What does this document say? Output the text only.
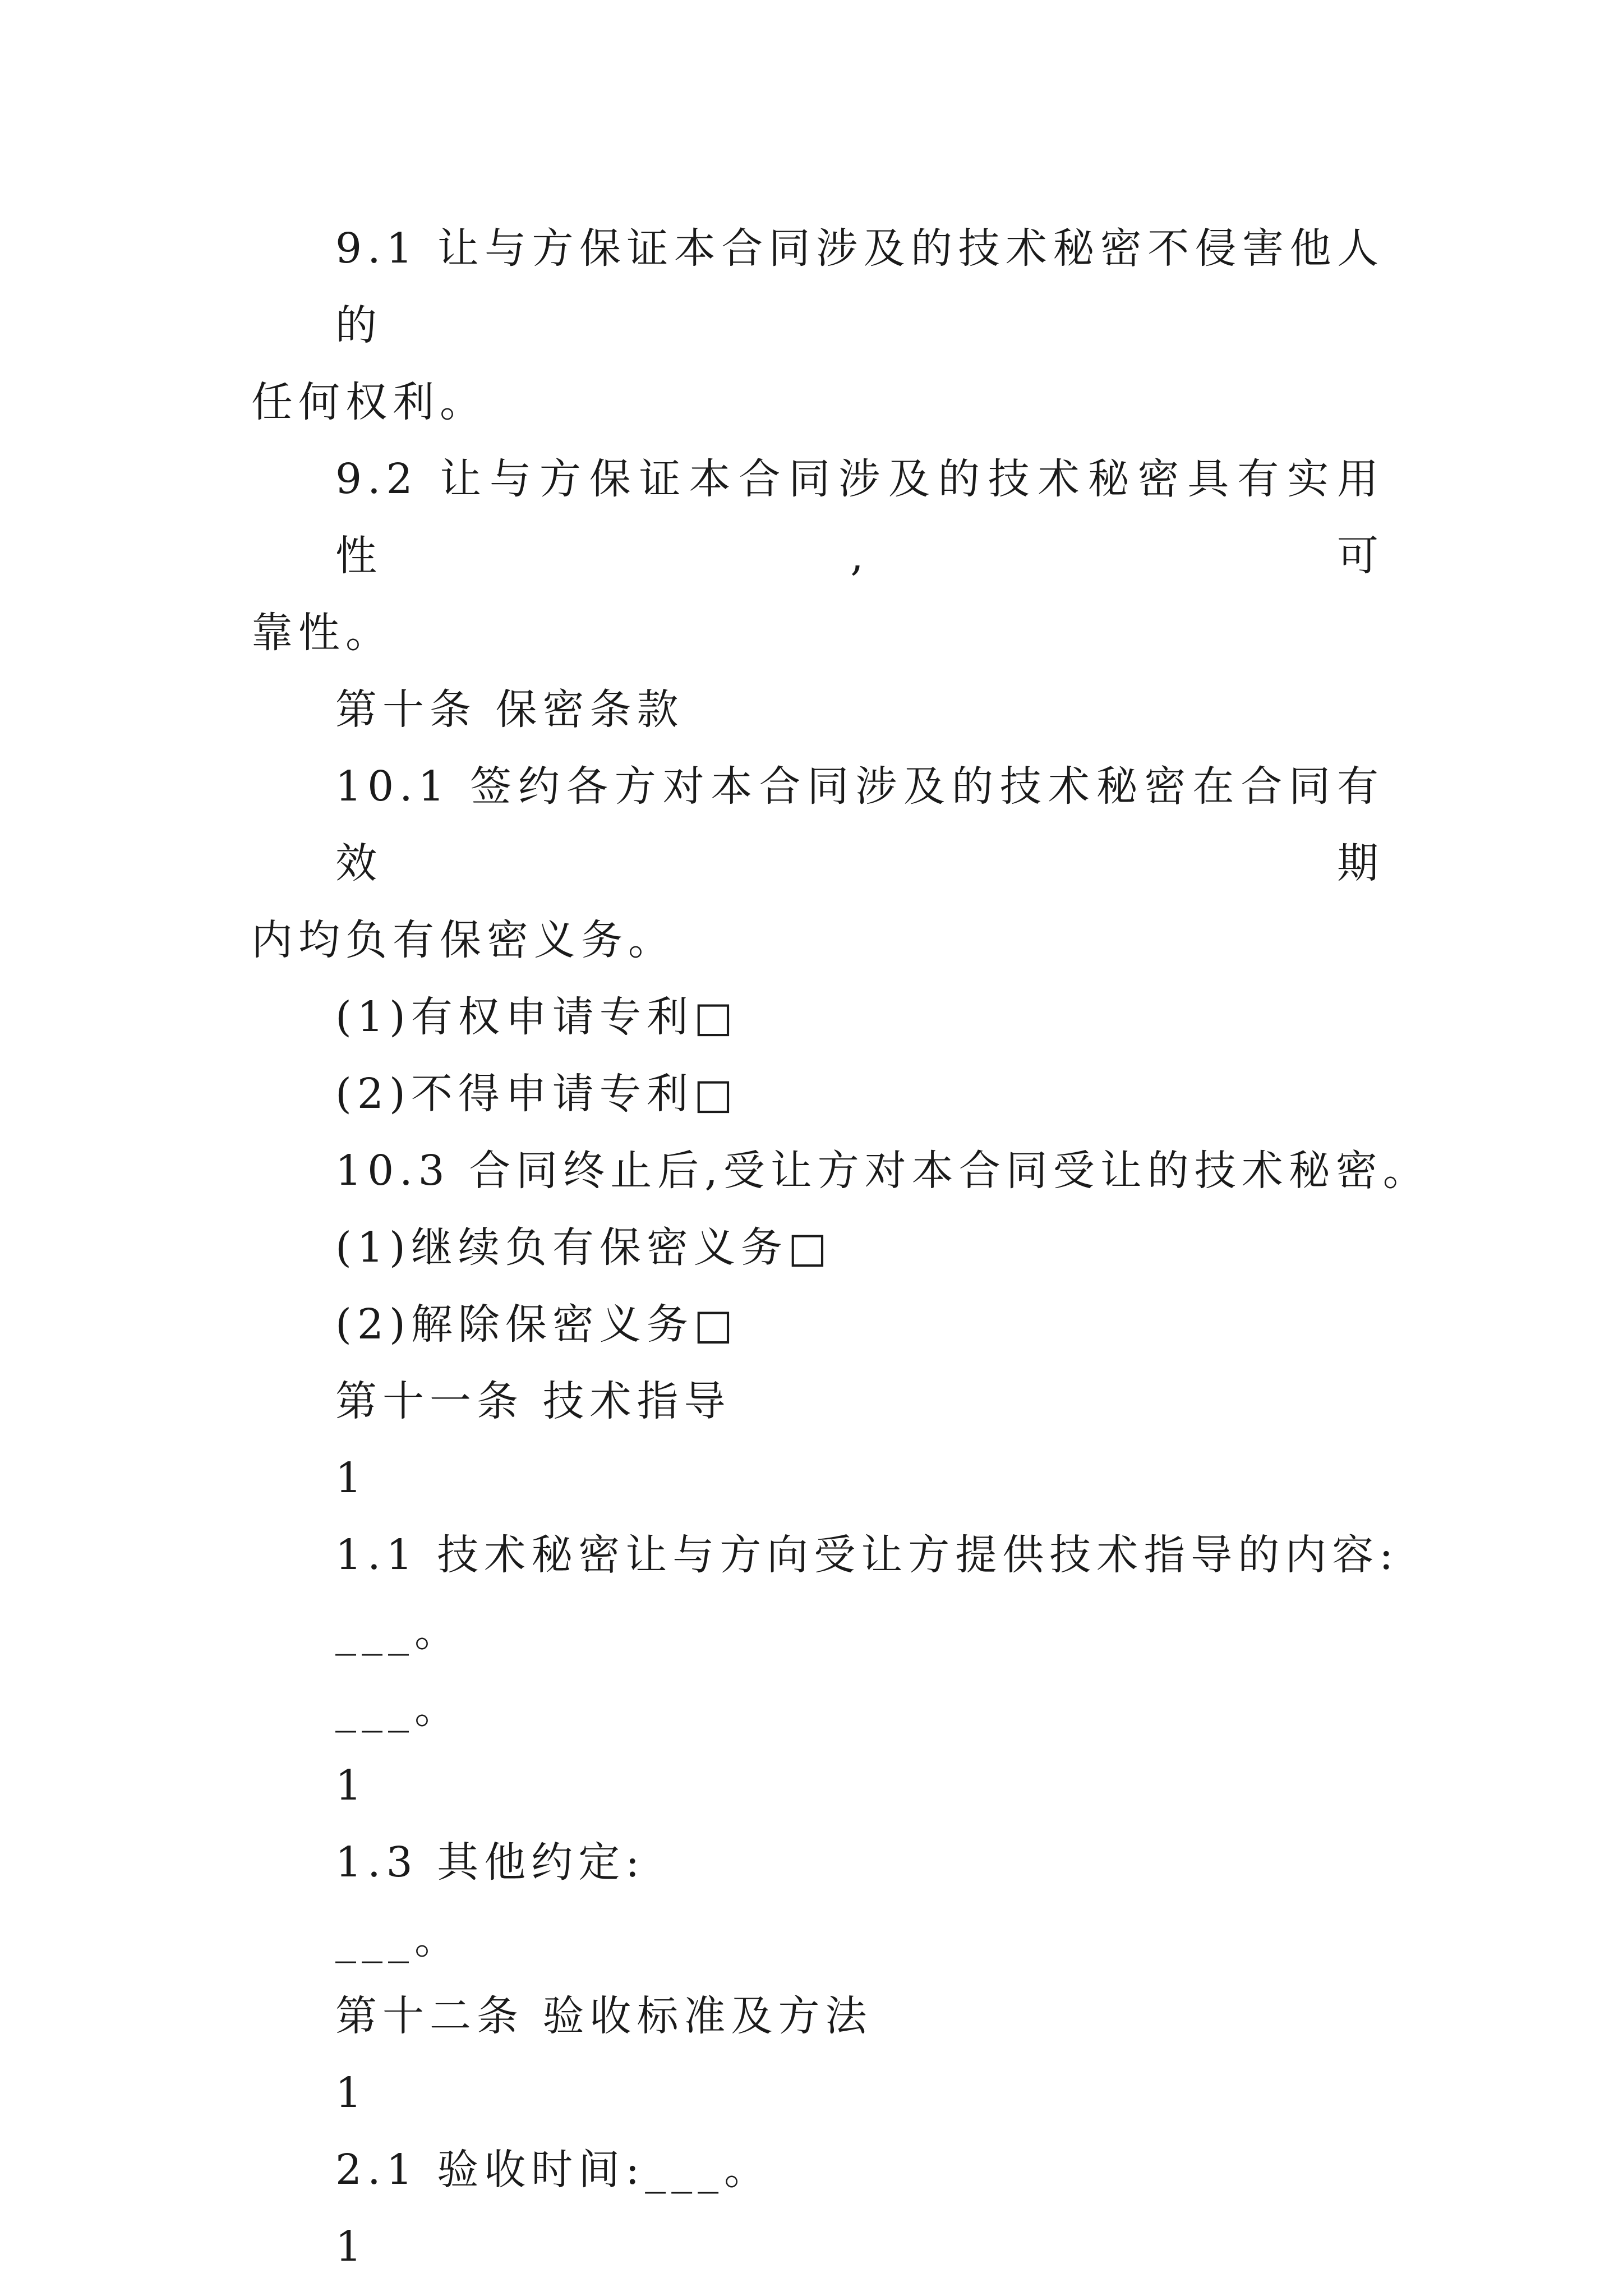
9.1 让与方保证本合同涉及的技术秘密不侵害他人的
任何权利。
9.2 让与方保证本合同涉及的技术秘密具有实用性,可
靠性。
第十条 保密条款
10.1 签约各方对本合同涉及的技术秘密在合同有效期
内均负有保密义务。
(1)有权申请专利□
(2)不得申请专利□
10.3 合同终止后,受让方对本合同受让的技术秘密。
(1)继续负有保密义务□
(2)解除保密义务□
第十一条 技术指导
1
1.1 技术秘密让与方向受让方提供技术指导的内容:
___。
___。
1
1.3 其他约定:
___。
第十二条 验收标准及方法
1
2.1 验收时间:___。
1
